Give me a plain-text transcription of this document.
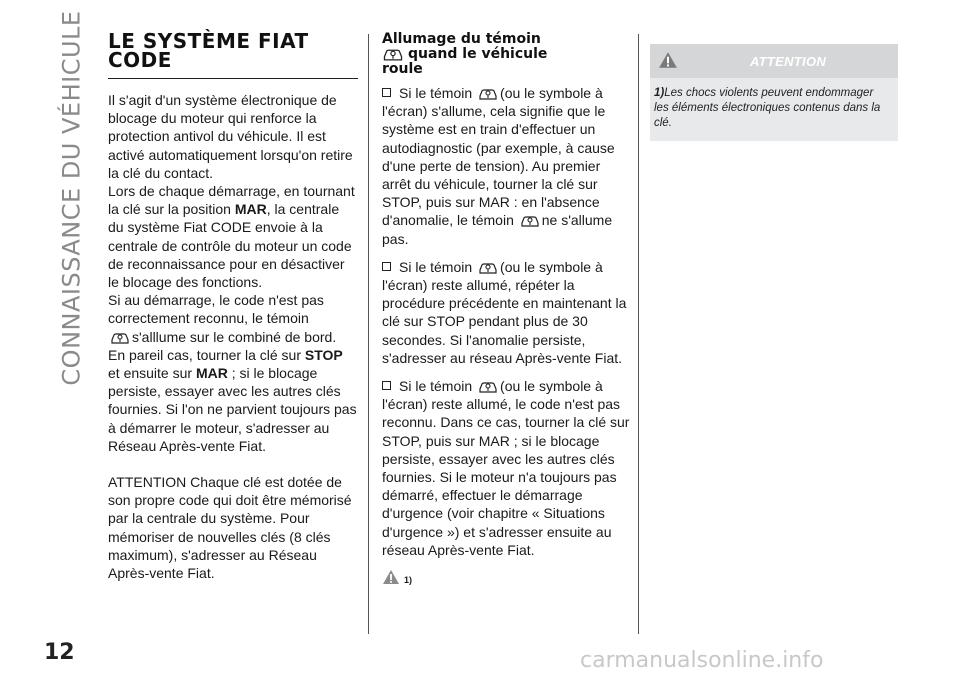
CONNAISSANCE DU VÉHICULE
12	carmanualsonline.info
LE SYSTÈME FIAT
CODE

Il s'agit d'un système électronique de blocage du moteur qui renforce la protection antivol du véhicule. Il est activé automatiquement lorsqu'on retire la clé du contact.

Lors de chaque démarrage, en tournant la clé sur la position MAR, la centrale du système Fiat CODE envoie à la centrale de contrôle du moteur un code de reconnaissance pour en désactiver le blocage des fonctions.

Si au démarrage, le code n'est pas correctement reconnu, le témoin
s'alllume sur le combiné de bord.

En pareil cas, tourner la clé sur STOP et ensuite sur MAR ; si le blocage persiste, essayer avec les autres clés fournies. Si l'on ne parvient toujours pas à démarrer le moteur, s'adresser au Réseau Après-vente Fiat.

ATTENTION Chaque clé est dotée de son propre code qui doit être mémorisé par la centrale du système. Pour mémoriser de nouvelles clés (8 clés maximum), s'adresser au Réseau Après-vente Fiat.

Allumage du témoin
quand le véhicule
roule

Si le témoin (ou le symbole à l'écran) s'allume, cela signifie que le système est en train d'effectuer un autodiagnostic (par exemple, à cause d'une perte de tension). Au premier arrêt du véhicule, tourner la clé sur STOP, puis sur MAR : en l'absence d'anomalie, le témoin ne s'allume pas.

Si le témoin (ou le symbole à l'écran) reste allumé, répéter la procédure précédente en maintenant la clé sur STOP pendant plus de 30 secondes. Si l'anomalie persiste, s'adresser au réseau Après-vente Fiat.

Si le témoin (ou le symbole à l'écran) reste allumé, le code n'est pas reconnu. Dans ce cas, tourner la clé sur STOP, puis sur MAR ; si le blocage persiste, essayer avec les autres clés fournies. Si le moteur n'a toujours pas démarré, effectuer le démarrage d'urgence (voir chapitre « Situations d'urgence ») et s'adresser ensuite au réseau Après-vente Fiat.

1)
ATTENTION
1)Les chocs violents peuvent endommager les éléments électroniques contenus dans la clé.
